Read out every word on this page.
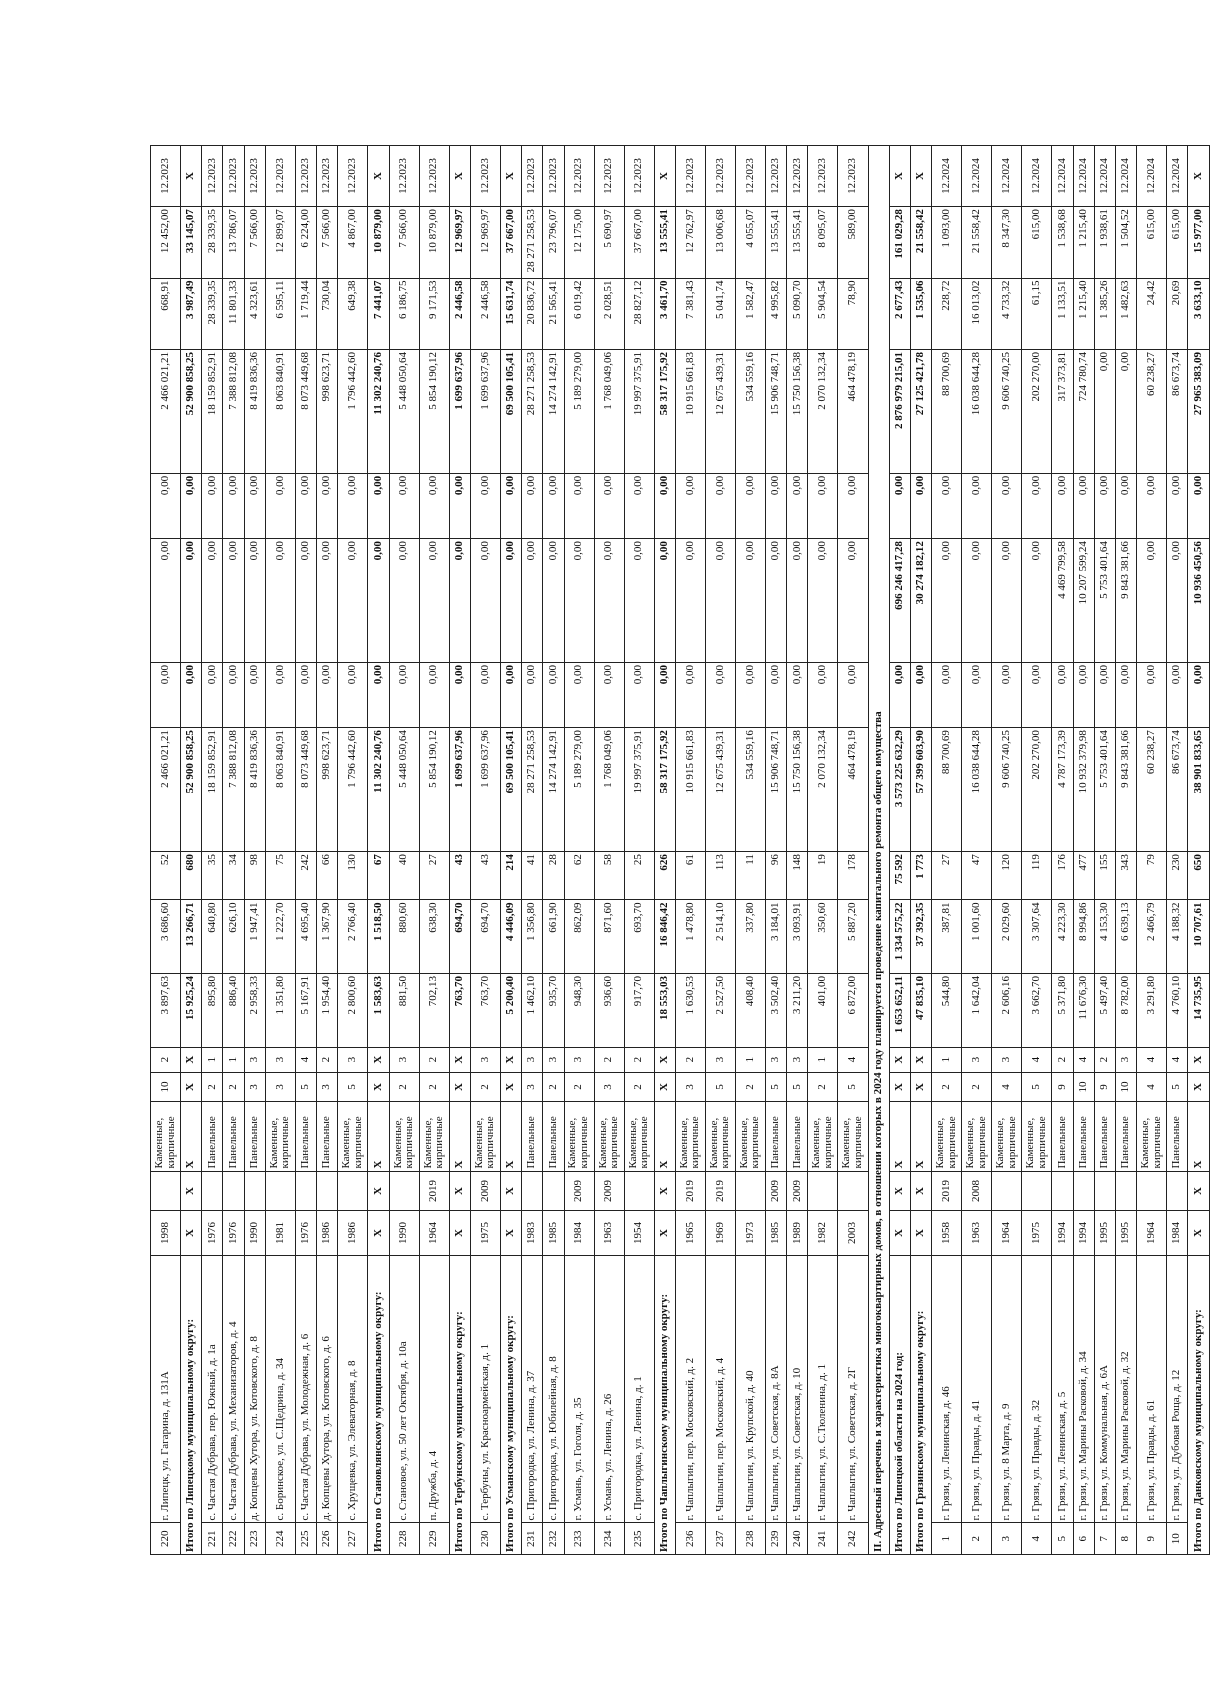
220	г. Липецк, ул. Гагарина, д. 131А	1998		Каменные, кирпичные	10	2	3 897,63	3 686,60	52	2 466 021,21	0,00	0,00	0,00	2 466 021,21	668,91	12 452,00	12.2023
Итого по Липецкому муниципальному округу:		Х	Х	Х	Х	Х	15 925,24	13 266,71	680	52 900 858,25	0,00	0,00	0,00	52 900 858,25	3 987,49	33 145,07	Х
221	с. Частая Дубрава, пер. Южный, д. 1а	1976		Панельные	2	1	895,80	640,80	35	18 159 852,91	0,00	0,00	0,00	18 159 852,91	28 339,35	28 339,35	12.2023
222	с. Частая Дубрава, ул. Механизаторов, д. 4	1976		Панельные	2	1	886,40	626,10	34	7 388 812,08	0,00	0,00	0,00	7 388 812,08	11 801,33	13 786,07	12.2023
223	д. Копцевы Хутора, ул. Котовского, д. 8	1990		Панельные	3	3	2 958,33	1 947,41	98	8 419 836,36	0,00	0,00	0,00	8 419 836,36	4 323,61	7 566,00	12.2023
224	с. Боринское, ул. С.Щедрина, д. 34	1981		Каменные, кирпичные	3	3	1 351,80	1 222,70	75	8 063 840,91	0,00	0,00	0,00	8 063 840,91	6 595,11	12 899,07	12.2023
225	с. Частая Дубрава, ул. Молодежная, д. 6	1976		Панельные	5	4	5 167,91	4 695,40	242	8 073 449,68	0,00	0,00	0,00	8 073 449,68	1 719,44	6 224,00	12.2023
226	д. Копцевы Хутора, ул. Котовского, д. 6	1986		Панельные	3	2	1 954,40	1 367,90	66	998 623,71	0,00	0,00	0,00	998 623,71	730,04	7 566,00	12.2023
227	с. Хрущевка, ул. Элеваторная, д. 8	1986		Каменные, кирпичные	5	3	2 800,60	2 766,40	130	1 796 442,60	0,00	0,00	0,00	1 796 442,60	649,38	4 867,00	12.2023
Итого по Становлянскому муниципальному округу:		Х	Х	Х	Х	Х	1 583,63	1 518,50	67	11 302 240,76	0,00	0,00	0,00	11 302 240,76	7 441,07	10 879,00	Х
228	с. Становое, ул. 50 лет Октября, д. 10а	1990		Каменные, кирпичные	2	3	881,50	880,60	40	5 448 050,64	0,00	0,00	0,00	5 448 050,64	6 186,75	7 566,00	12.2023
229	п. Дружба, д. 4	1964	2019	Каменные, кирпичные	2	2	702,13	638,30	27	5 854 190,12	0,00	0,00	0,00	5 854 190,12	9 171,53	10 879,00	12.2023
Итого по Тербунскому муниципальному округу:		Х	Х	Х	Х	Х	763,70	694,70	43	1 699 637,96	0,00	0,00	0,00	1 699 637,96	2 446,58	12 969,97	Х
230	с. Тербуны, ул. Красноармейская, д. 1	1975	2009	Каменные, кирпичные	2	3	763,70	694,70	43	1 699 637,96	0,00	0,00	0,00	1 699 637,96	2 446,58	12 969,97	12.2023
Итого по Усманскому муниципальному округу:		Х	Х	Х	Х	Х	5 200,40	4 446,09	214	69 500 105,41	0,00	0,00	0,00	69 500 105,41	15 631,74	37 667,00	Х
231	с. Пригородка, ул. Ленина, д. 37	1983		Панельные	3	3	1 462,10	1 356,80	41	28 271 258,53	0,00	0,00	0,00	28 271 258,53	20 836,72	28 271 258,53	12.2023
232	с. Пригородка, ул. Юбилейная, д. 8	1985		Панельные	2	3	935,70	661,90	28	14 274 142,91	0,00	0,00	0,00	14 274 142,91	21 565,41	23 796,07	12.2023
233	г. Усмань, ул. Гоголя, д. 35	1984	2009	Каменные, кирпичные	2	3	948,30	862,09	62	5 189 279,00	0,00	0,00	0,00	5 189 279,00	6 019,42	12 175,00	12.2023
234	г. Усмань, ул. Ленина, д. 26	1963	2009	Каменные, кирпичные	3	2	936,60	871,60	58	1 768 049,06	0,00	0,00	0,00	1 768 049,06	2 028,51	5 690,97	12.2023
235	с. Пригородка, ул. Ленина, д. 1	1954		Каменные, кирпичные	2	2	917,70	693,70	25	19 997 375,91	0,00	0,00	0,00	19 997 375,91	28 827,12	37 667,00	12.2023
Итого по Чаплыгинскому муниципальному округу:		Х	Х	Х	Х	Х	18 553,03	16 846,42	626	58 317 175,92	0,00	0,00	0,00	58 317 175,92	3 461,70	13 555,41	Х
236	г. Чаплыгин, пер. Московский, д. 2	1965	2019	Каменные, кирпичные	3	2	1 630,53	1 478,80	61	10 915 661,83	0,00	0,00	0,00	10 915 661,83	7 381,43	12 762,97	12.2023
237	г. Чаплыгин, пер. Московский, д. 4	1969	2019	Каменные, кирпичные	5	3	2 527,50	2 514,10	113	12 675 439,31	0,00	0,00	0,00	12 675 439,31	5 041,74	13 006,68	12.2023
238	г. Чаплыгин, ул. Крупской, д. 40	1973		Каменные, кирпичные	2	1	408,40	337,80	11	534 559,16	0,00	0,00	0,00	534 559,16	1 582,47	4 055,07	12.2023
239	г. Чаплыгин, ул. Советская, д. 8А	1985	2009	Панельные	5	3	3 502,40	3 184,01	96	15 906 748,71	0,00	0,00	0,00	15 906 748,71	4 995,82	13 555,41	12.2023
240	г. Чаплыгин, ул. Советская, д. 10	1989	2009	Панельные	5	3	3 211,20	3 093,91	148	15 750 156,38	0,00	0,00	0,00	15 750 156,38	5 090,70	13 555,41	12.2023
241	г. Чаплыгин, ул. С.Тюленина, д. 1	1982		Каменные, кирпичные	2	1	401,00	350,60	19	2 070 132,34	0,00	0,00	0,00	2 070 132,34	5 904,54	8 095,07	12.2023
242	г. Чаплыгин, ул. Советская, д. 2Г	2003		Каменные, кирпичные	5	4	6 872,00	5 887,20	178	464 478,19	0,00	0,00	0,00	464 478,19	78,90	589,00	12.2023
II. Адресный перечень и характеристика многоквартирных домов, в отношении которых в 2024 году планируется проведение капитального ремонта общего имущества																	
Итого по Липецкой области на 2024 год:		Х	Х	Х	Х	Х	1 653 652,11	1 334 575,22	75 592	3 573 225 632,29	0,00	696 246 417,28	0,00	2 876 979 215,01	2 677,43	161 029,28	Х
Итого по Грязинскому муниципальному округу:		Х	Х	Х	Х	Х	47 835,10	37 392,35	1 773	57 399 603,90	0,00	30 274 182,12	0,00	27 125 421,78	1 535,06	21 558,42	Х
1	г. Грязи, ул. Ленинская, д. 46	1958	2019	Каменные, кирпичные	2	1	544,80	387,81	27	88 700,69	0,00	0,00	0,00	88 700,69	228,72	1 093,00	12.2024
2	г. Грязи, ул. Правды, д. 41	1963	2008	Каменные, кирпичные	2	3	1 642,04	1 001,60	47	16 038 644,28	0,00	0,00	0,00	16 038 644,28	16 013,02	21 558,42	12.2024
3	г. Грязи, ул. 8 Марта, д. 9	1964		Каменные, кирпичные	4	3	2 606,16	2 029,60	120	9 606 740,25	0,00	0,00	0,00	9 606 740,25	4 733,32	8 347,30	12.2024
4	г. Грязи, ул. Правды, д. 32	1975		Каменные, кирпичные	5	4	3 662,70	3 307,64	119	202 270,00	0,00	0,00	0,00	202 270,00	61,15	615,00	12.2024
5	г. Грязи, ул. Ленинская, д. 5	1994		Панельные	9	2	5 371,80	4 223,30	176	4 787 173,39	0,00	4 469 799,58	0,00	317 373,81	1 133,51	1 538,68	12.2024
6	г. Грязи, ул. Марины Расковой, д. 34	1994		Панельные	10	4	11 676,30	8 994,86	477	10 932 379,98	0,00	10 207 599,24	0,00	724 780,74	1 215,40	1 215,40	12.2024
7	г. Грязи, ул. Коммунальная, д. 6А	1995		Панельные	9	2	5 497,40	4 153,30	155	5 753 401,64	0,00	5 753 401,64	0,00	0,00	1 385,26	1 938,61	12.2024
8	г. Грязи, ул. Марины Расковой, д. 32	1995		Панельные	10	3	8 782,00	6 639,13	343	9 843 381,66	0,00	9 843 381,66	0,00	0,00	1 482,63	1 504,52	12.2024
9	г. Грязи, ул. Правды, д. 61	1964		Каменные, кирпичные	4	4	3 291,80	2 466,79	79	60 238,27	0,00	0,00	0,00	60 238,27	24,42	615,00	12.2024
10	г. Грязи, ул. Дубовая Роща, д. 12	1984		Панельные	5	4	4 760,10	4 188,32	230	86 673,74	0,00	0,00	0,00	86 673,74	20,69	615,00	12.2024
Итого по Данковскому муниципальному округу:		Х	Х	Х	Х	Х	14 735,95	10 707,61	650	38 901 833,65	0,00	10 936 450,56	0,00	27 965 383,09	3 633,10	15 977,00	Х
